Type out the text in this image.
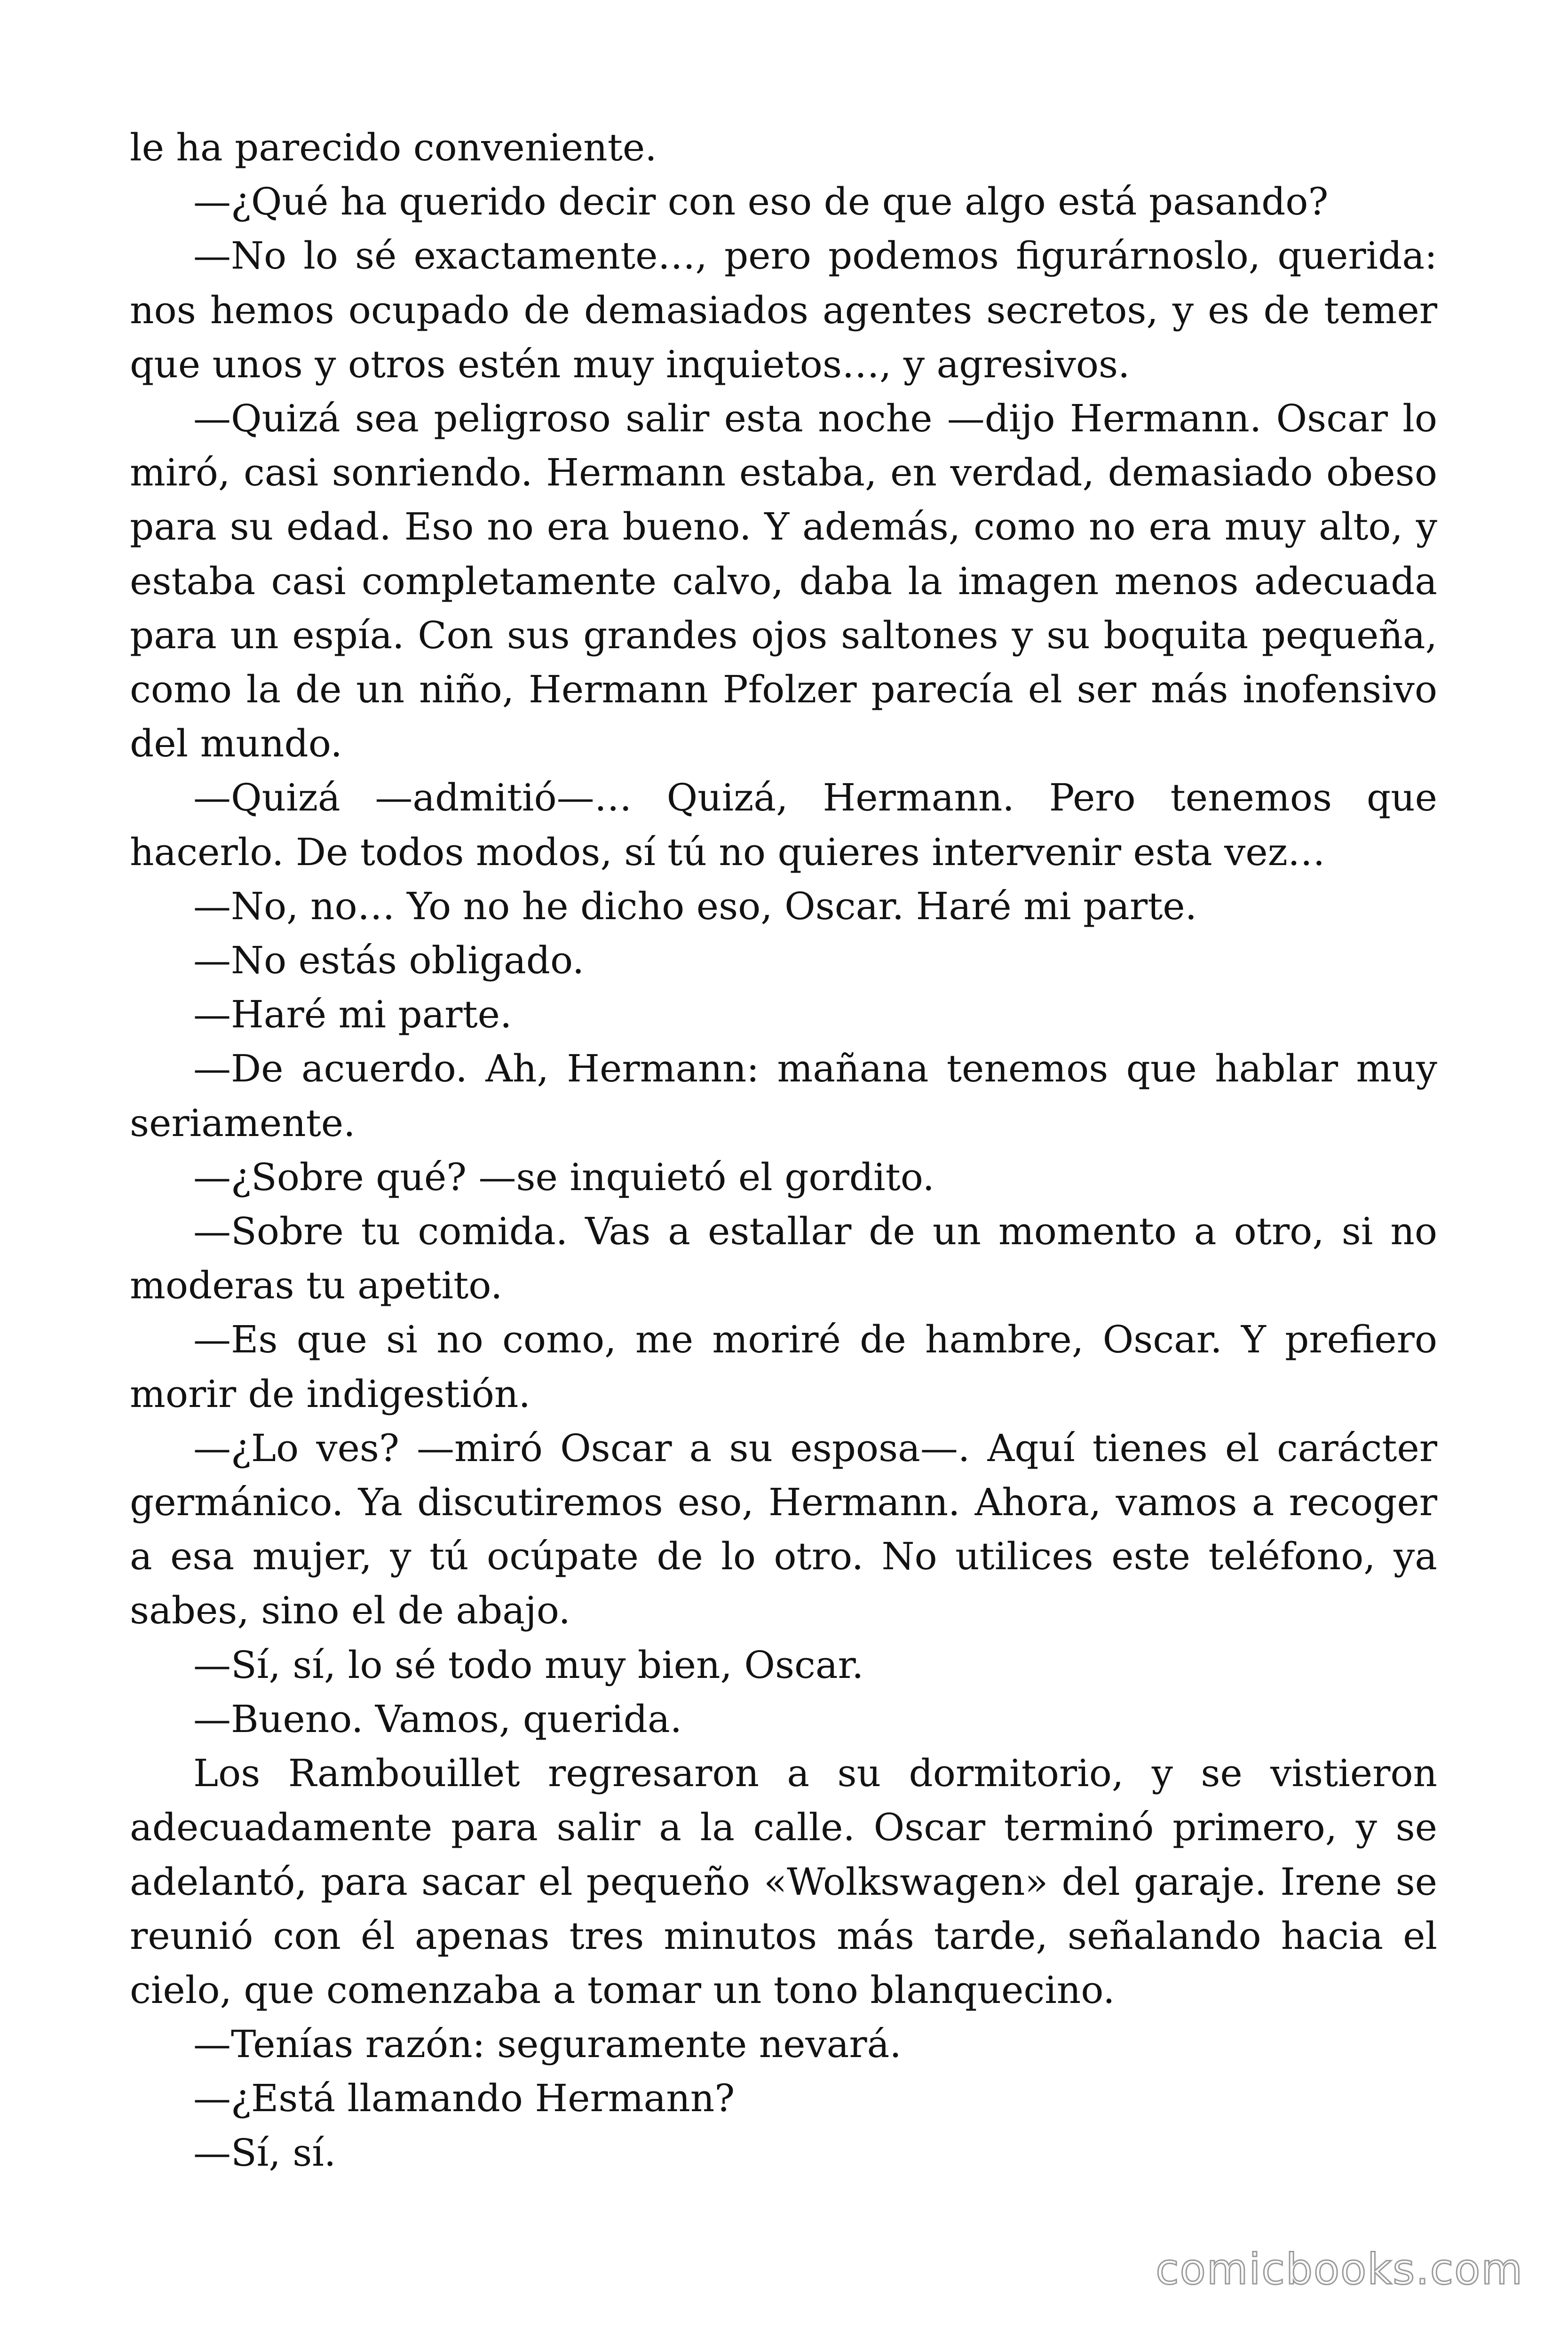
le ha parecido conveniente.

—¿Qué ha querido decir con eso de que algo está pasando?

—No lo sé exactamente…, pero podemos figurárnoslo, querida: nos hemos ocupado de demasiados agentes secretos, y es de temer que unos y otros estén muy inquietos…, y agresivos.

—Quizá sea peligroso salir esta noche —dijo Hermann. Oscar lo miró, casi sonriendo. Hermann estaba, en verdad, demasiado obeso para su edad. Eso no era bueno. Y además, como no era muy alto, y estaba casi completamente calvo, daba la imagen menos adecuada para un espía. Con sus grandes ojos saltones y su boquita pequeña, como la de un niño, Hermann Pfolzer parecía el ser más inofensivo del mundo.

—Quizá —admitió—… Quizá, Hermann. Pero tenemos que hacerlo. De todos modos, sí tú no quieres intervenir esta vez…

—No, no… Yo no he dicho eso, Oscar. Haré mi parte.

—No estás obligado.

—Haré mi parte.

—De acuerdo. Ah, Hermann: mañana tenemos que hablar muy seriamente.

—¿Sobre qué? —se inquietó el gordito.

—Sobre tu comida. Vas a estallar de un momento a otro, si no moderas tu apetito.

—Es que si no como, me moriré de hambre, Oscar. Y prefiero morir de indigestión.

—¿Lo ves? —miró Oscar a su esposa—. Aquí tienes el carácter germánico. Ya discutiremos eso, Hermann. Ahora, vamos a recoger a esa mujer, y tú ocúpate de lo otro. No utilices este teléfono, ya sabes, sino el de abajo.

—Sí, sí, lo sé todo muy bien, Oscar.

—Bueno. Vamos, querida.

Los Rambouillet regresaron a su dormitorio, y se vistieron adecuadamente para salir a la calle. Oscar terminó primero, y se adelantó, para sacar el pequeño «Wolkswagen» del garaje. Irene se reunió con él apenas tres minutos más tarde, señalando hacia el cielo, que comenzaba a tomar un tono blanquecino.

—Tenías razón: seguramente nevará.

—¿Está llamando Hermann?

—Sí, sí.

comicbooks.com
